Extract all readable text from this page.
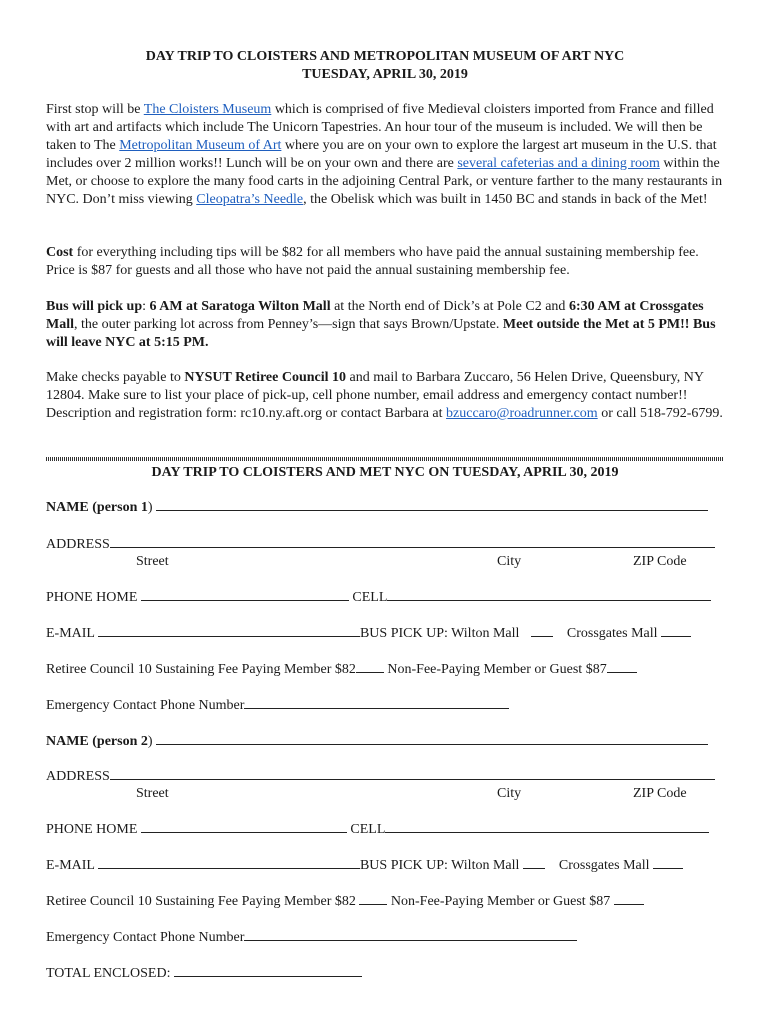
DAY TRIP TO CLOISTERS AND METROPOLITAN MUSEUM OF ART NYC
TUESDAY, APRIL 30, 2019

First stop will be The Cloisters Museum which is comprised of five Medieval cloisters imported from France and filled with art and artifacts which include The Unicorn Tapestries. An hour tour of the museum is included. We will then be taken to The Metropolitan Museum of Art where you are on your own to explore the largest art museum in the U.S. that includes over 2 million works!! Lunch will be on your own and there are several cafeterias and a dining room within the Met, or choose to explore the many food carts in the adjoining Central Park, or venture farther to the many restaurants in NYC. Don’t miss viewing Cleopatra’s Needle, the Obelisk which was built in 1450 BC and stands in back of the Met!

Cost for everything including tips will be $82 for all members who have paid the annual sustaining membership fee. Price is $87 for guests and all those who have not paid the annual sustaining membership fee.

Bus will pick up: 6 AM at Saratoga Wilton Mall at the North end of Dick’s at Pole C2 and 6:30 AM at Crossgates Mall, the outer parking lot across from Penney’s—sign that says Brown/Upstate. Meet outside the Met at 5 PM!! Bus will leave NYC at 5:15 PM.

Make checks payable to NYSUT Retiree Council 10 and mail to Barbara Zuccaro, 56 Helen Drive, Queensbury, NY 12804. Make sure to list your place of pick-up, cell phone number, email address and emergency contact number!! Description and registration form: rc10.ny.aft.org or contact Barbara at bzuccaro@roadrunner.com or call 518-792-6799.

DAY TRIP TO CLOISTERS AND MET NYC ON TUESDAY, APRIL 30, 2019
NAME (person 1)
ADDRESS
Street	City	ZIP Code
PHONE HOME	CELL
E-MAIL	BUS PICK UP: Wilton Mall	Crossgates Mall
Retiree Council 10 Sustaining Fee Paying Member $82 Non-Fee-Paying Member or Guest $87
Emergency Contact Phone Number
NAME (person 2)
ADDRESS
Street	City	ZIP Code
PHONE HOME	CELL
E-MAIL	BUS PICK UP: Wilton Mall	Crossgates Mall
Retiree Council 10 Sustaining Fee Paying Member $82  Non-Fee-Paying Member or Guest $87
Emergency Contact Phone Number
TOTAL ENCLOSED:
